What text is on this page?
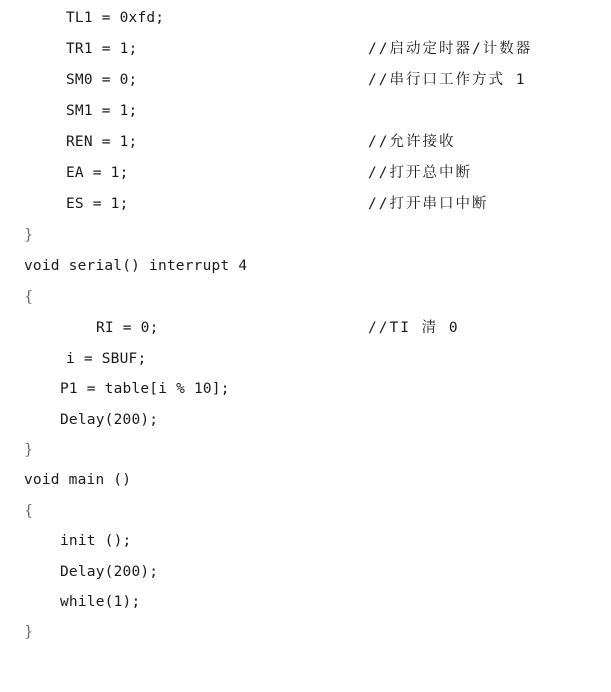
TL1 = 0xfd;

TR1 = 1;

	//启动定时器/计数器

SM0 = 0;

	//串行口工作方式 1

SM1 = 1;

REN = 1;

	//允许接收

EA = 1;

	//打开总中断

ES = 1;

	//打开串口中断

}

void serial() interrupt 4

{

RI = 0;

	//TI 清 0

i = SBUF;

P1 = table[i % 10];

Delay(200);

}

void main ()

{

init ();

Delay(200);

while(1);

}
